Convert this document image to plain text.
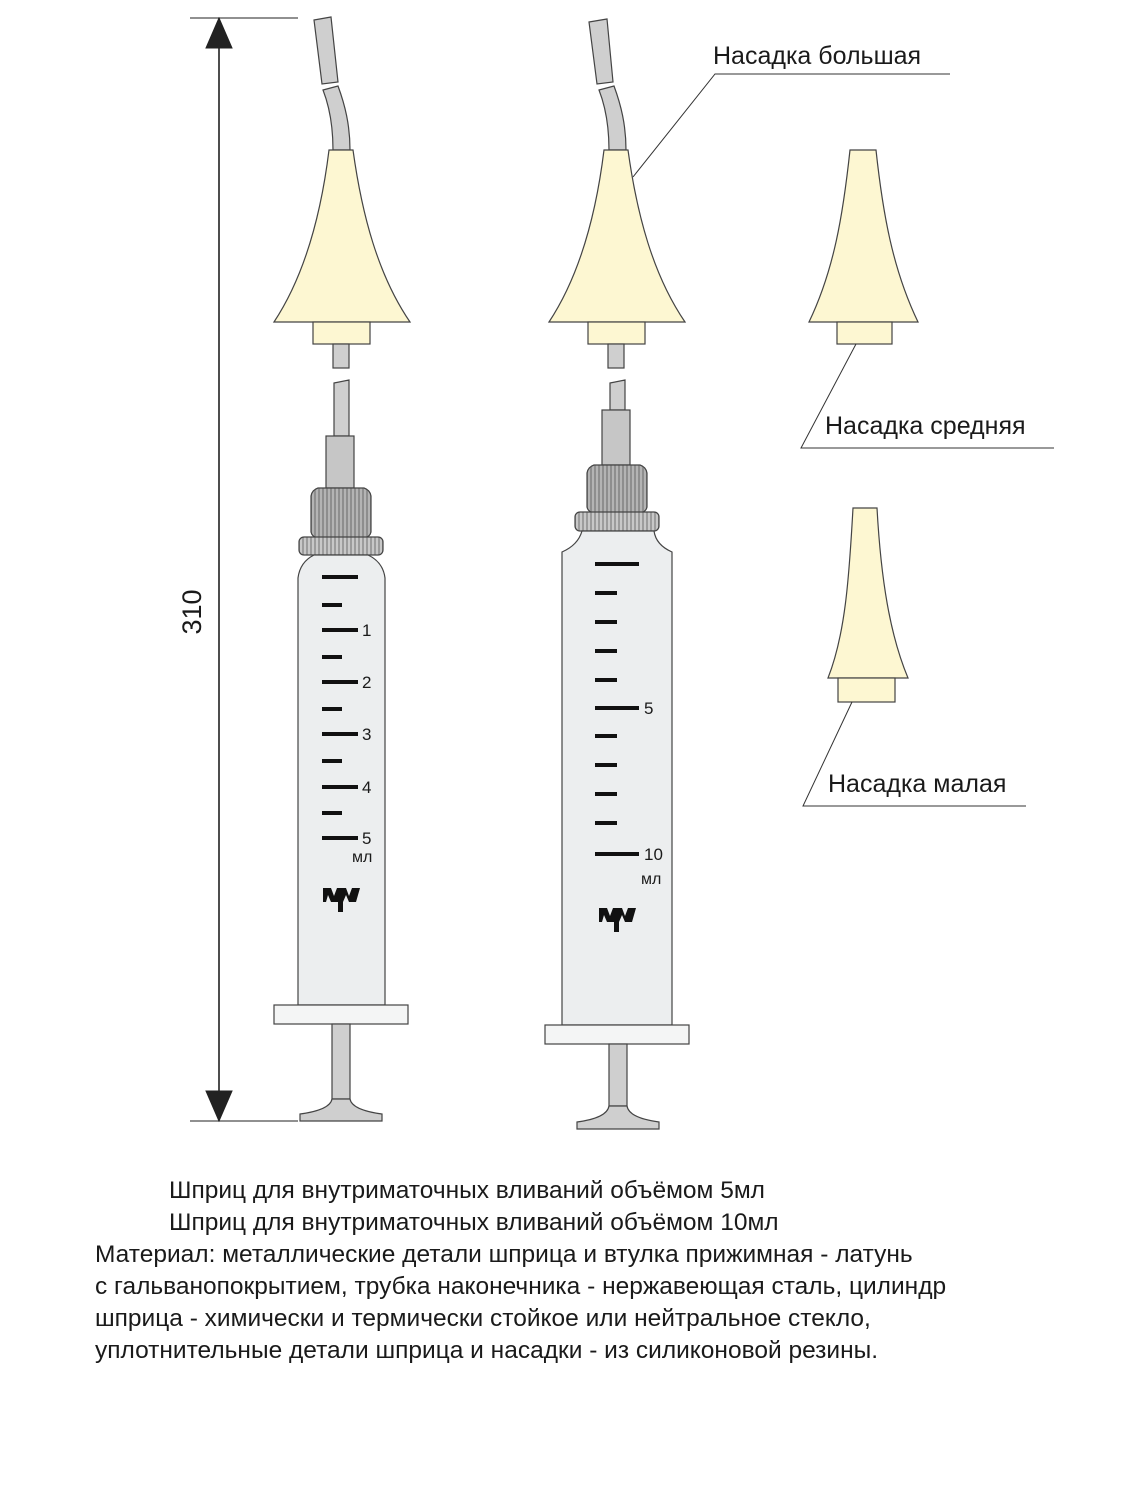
310	1
2
3
4
5
мл
5
10
мл
Насадка большая
Насадка средняя
Насадка малая
Шприц для внутриматочных вливаний объёмом 5мл
Шприц для внутриматочных вливаний объёмом 10мл
Материал: металлические детали шприца и втулка прижимная - латунь
с гальванопокрытием, трубка наконечника - нержавеющая сталь, цилиндр
шприца - химически и термически стойкое или нейтральное стекло,
уплотнительные детали шприца и насадки - из силиконовой резины.
